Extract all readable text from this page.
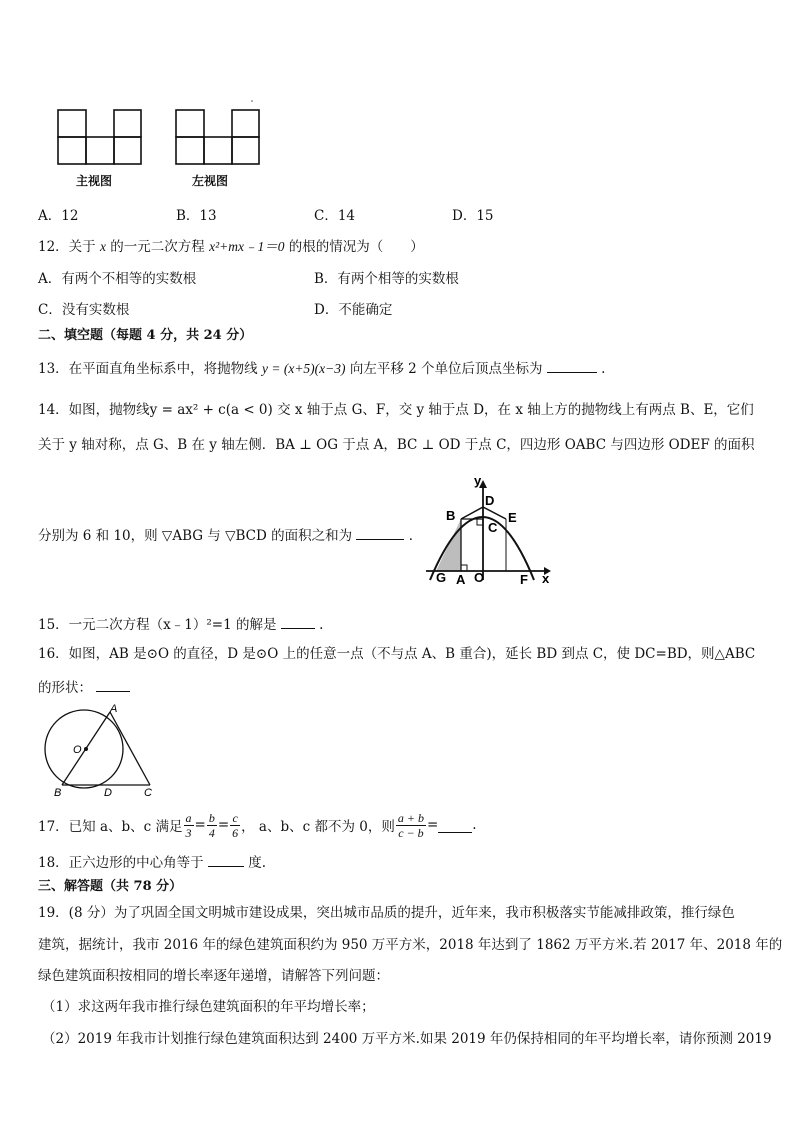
主视图	左视图
A．12	B．13	C．14	D．15
12．关于 x 的一元二次方程 x²+mx﹣1＝0 的根的情况为（　　）
A．有两个不相等的实数根	B．有两个相等的实数根
C．没有实数根	D．不能确定
二、填空题（每题 4 分，共 24 分）
13．在平面直角坐标系中，将抛物线 y = (x+5)(x−3) 向左平移 2 个单位后顶点坐标为	.
14．如图，抛物线y = ax² + c(a < 0) 交 x 轴于点 G、F，交 y 轴于点 D，在 x 轴上方的抛物线上有两点 B、E，它们
关于 y 轴对称，点 G、B 在 y 轴左侧．BA ⊥ OG 于点 A，BC ⊥ OD 于点 C，四边形 OABC 与四边形 ODEF 的面积
分别为 6 和 10，则 ▽ABG 与 ▽BCD 的面积之和为	．
y
x
D
B	E
C
G A O	F
15．一元二次方程（x﹣1）²=1 的解是	.
16．如图，AB 是⊙O 的直径，D 是⊙O 上的任意一点（不与点 A、B 重合)，延长 BD 到点 C，使 DC=BD，则△ABC
的形状：
A
O
B	D	C
17．已知 a、b、c 满足 $\frac{a}{3} = \frac{b}{4} = \frac{c}{6}$ ， a、b、c 都不为 0，则 $\frac{a + b}{c - b}$ =	.
18．正六边形的中心角等于	度.
三、解答题（共 78 分）
19．(8 分）为了巩固全国文明城市建设成果，突出城市品质的提升，近年来，我市积极落实节能减排政策，推行绿色
建筑，据统计，我市 2016 年的绿色建筑面积约为 950 万平方米，2018 年达到了 1862 万平方米.若 2017 年、2018 年的
绿色建筑面积按相同的增长率逐年递增，请解答下列问题：
（1）求这两年我市推行绿色建筑面积的年平均增长率；
（2）2019 年我市计划推行绿色建筑面积达到 2400 万平方米.如果 2019 年仍保持相同的年平均增长率，请你预测 2019
